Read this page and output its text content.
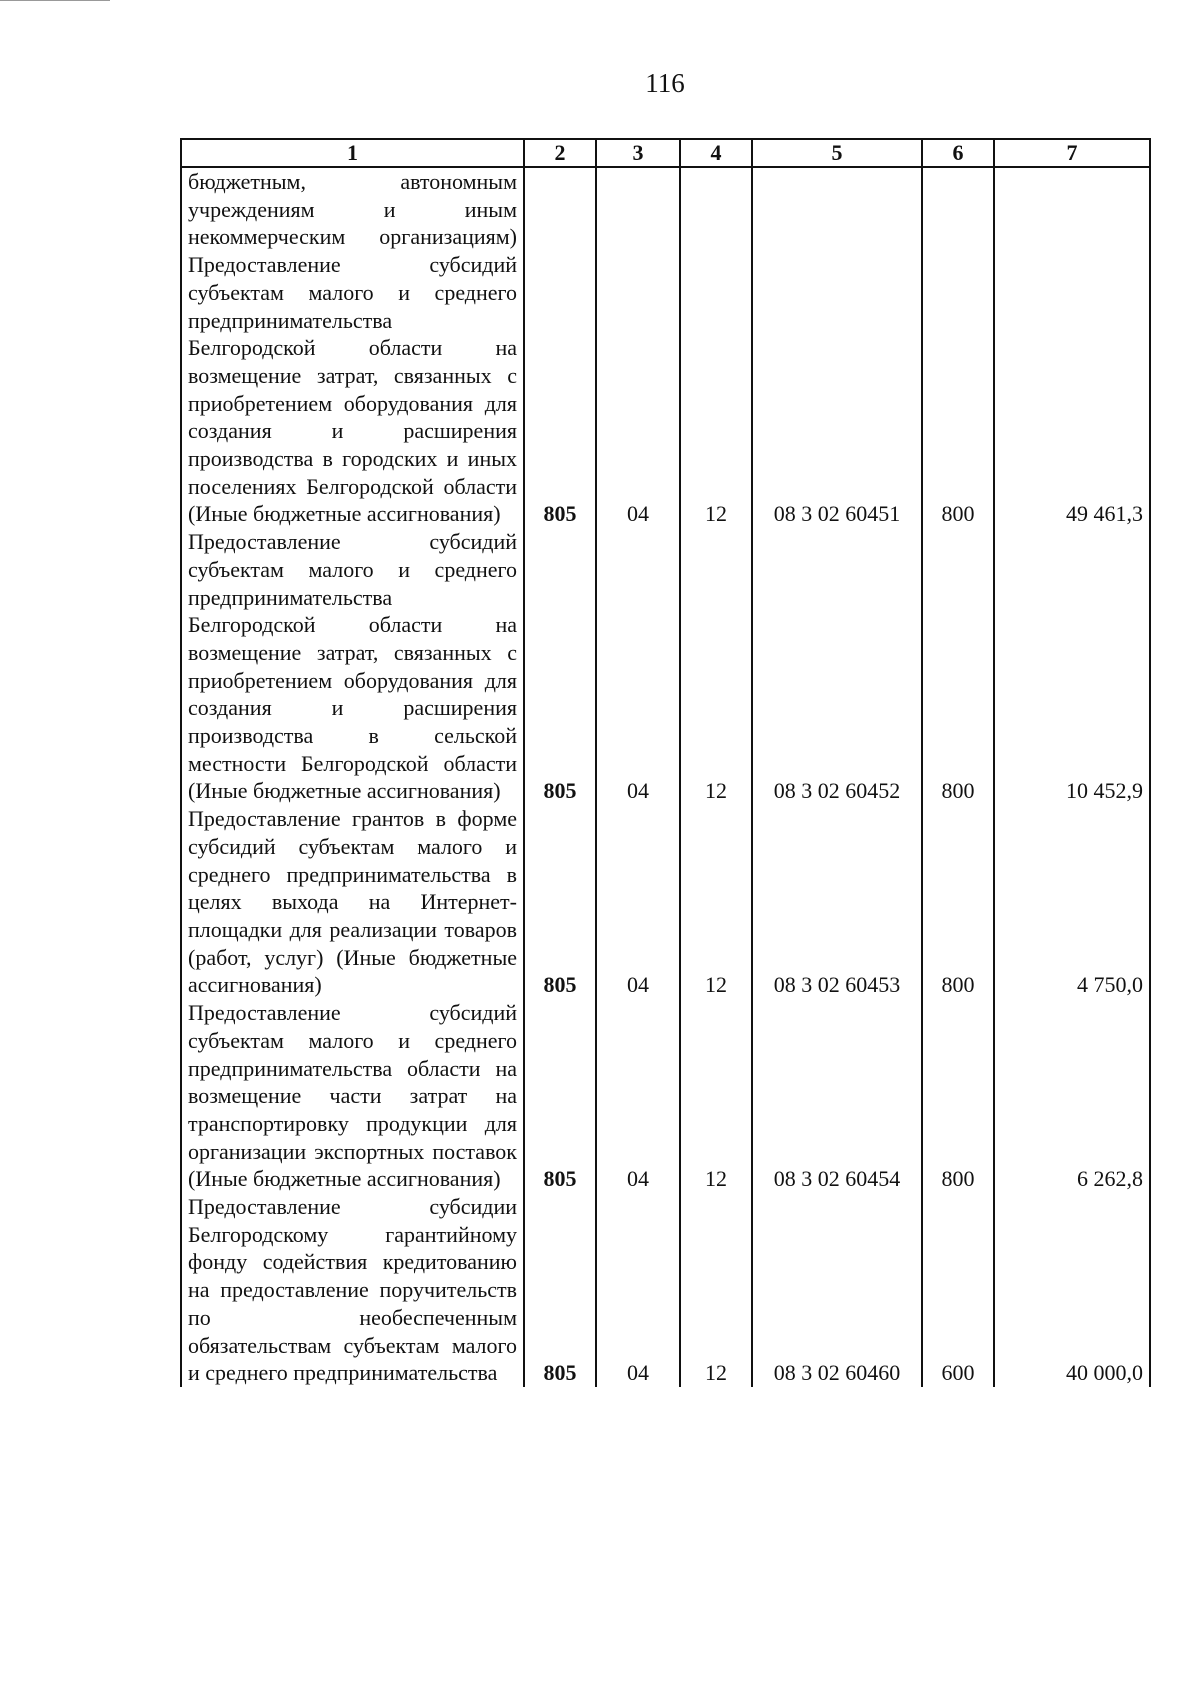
116
1	2	3	4	5	6	7
бюджетным, автономным учреждениям и иным некоммерческим организациям)						
Предоставление субсидий субъектам малого и среднего предпринимательства Белгородской области на возмещение затрат, связанных с приобретением оборудования для создания и расширения производства в городских и иных поселениях Белгородской области (Иные бюджетные ассигнования)	805	04	12	08 3 02 60451	800	49 461,3
Предоставление субсидий субъектам малого и среднего предпринимательства Белгородской области на возмещение затрат, связанных с приобретением оборудования для создания и расширения производства в сельской местности Белгородской области (Иные бюджетные ассигнования)	805	04	12	08 3 02 60452	800	10 452,9
Предоставление грантов в форме субсидий субъектам малого и среднего предпринимательства в целях выхода на Интернет-площадки для реализации товаров (работ, услуг) (Иные бюджетные ассигнования)	805	04	12	08 3 02 60453	800	4 750,0
Предоставление субсидий субъектам малого и среднего предпринимательства области на возмещение части затрат на транспортировку продукции для организации экспортных поставок (Иные бюджетные ассигнования)	805	04	12	08 3 02 60454	800	6 262,8
Предоставление субсидии Белгородскому гарантийному фонду содействия кредитованию на предоставление поручительств по необеспеченным обязательствам субъектам малого и среднего предпринимательства	805	04	12	08 3 02 60460	600	40 000,0
